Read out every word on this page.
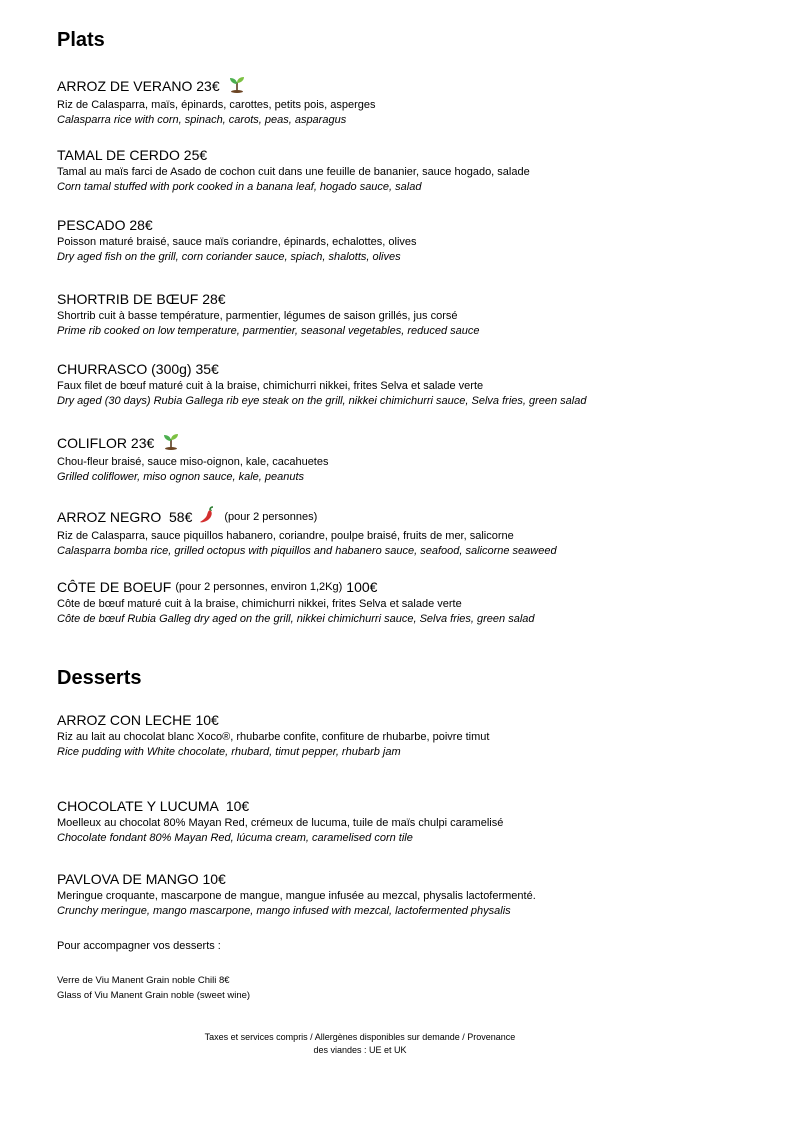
Plats
ARROZ DE VERANO 23€
Riz de Calasparra, maïs, épinards, carottes, petits pois, asperges
Calasparra rice with corn, spinach, carots, peas, asparagus
TAMAL DE CERDO 25€
Tamal au maïs farci de Asado de cochon cuit dans une feuille de bananier, sauce hogado, salade
Corn tamal stuffed with pork cooked in a banana leaf, hogado sauce, salad
PESCADO 28€
Poisson maturé braisé, sauce maïs coriandre, épinards, echalottes, olives
Dry aged fish on the grill, corn coriander sauce, spiach, shalotts, olives
SHORTRIB DE BŒUF 28€
Shortrib cuit à basse température, parmentier, légumes de saison grillés, jus corsé
Prime rib cooked on low temperature, parmentier, seasonal vegetables, reduced sauce
CHURRASCO (300g) 35€
Faux filet de bœuf maturé cuit à la braise, chimichurri nikkei, frites Selva et salade verte
Dry aged (30 days) Rubia Gallega rib eye steak on the grill, nikkei chimichurri sauce, Selva fries, green salad
COLIFLOR 23€
Chou-fleur braisé, sauce miso-oignon, kale, cacahuetes
Grilled coliflower, miso ognon sauce, kale, peanuts
ARROZ NEGRO  58€	(pour 2 personnes)
Riz de Calasparra, sauce piquillos habanero, coriandre, poulpe braisé, fruits de mer, salicorne
Calasparra bomba rice, grilled octopus with piquillos and habanero sauce, seafood, salicorne seaweed
CÔTE DE BOEUF (pour 2 personnes, environ 1,2Kg) 100€
Côte de bœuf maturé cuit à la braise, chimichurri nikkei, frites Selva et salade verte
Côte de bœuf Rubia Galleg dry aged on the grill, nikkei chimichurri sauce, Selva fries, green salad
Desserts
ARROZ CON LECHE 10€
Riz au lait au chocolat blanc Xoco®, rhubarbe confite, confiture de rhubarbe, poivre timut
Rice pudding with White chocolate, rhubard, timut pepper, rhubarb jam
CHOCOLATE Y LUCUMA  10€
Moelleux au chocolat 80% Mayan Red, crémeux de lucuma, tuile de maïs chulpi caramelisé
Chocolate fondant 80% Mayan Red, lúcuma cream, caramelised corn tile
PAVLOVA DE MANGO 10€
Meringue croquante, mascarpone de mangue, mangue infusée au mezcal, physalis lactofermenté.
Crunchy meringue, mango mascarpone, mango infused with mezcal, lactofermented physalis
Pour accompagner vos desserts :
Verre de Viu Manent Grain noble Chili 8€
Glass of Viu Manent Grain noble (sweet wine)
Taxes et services compris / Allergènes disponibles sur demande / Provenance
des viandes : UE et UK
